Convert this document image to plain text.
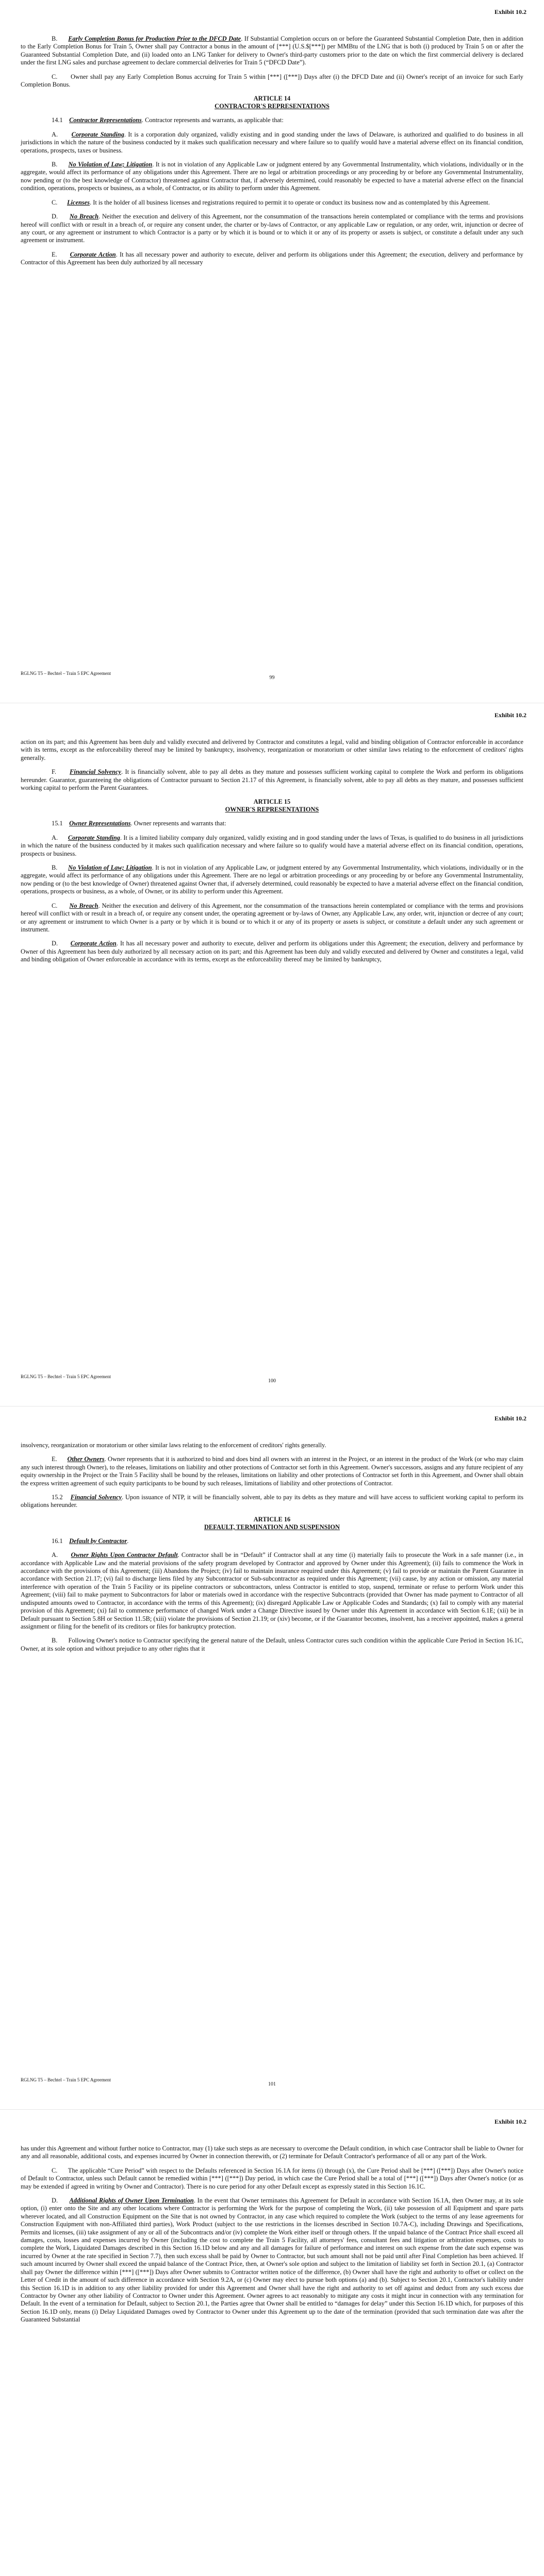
Exhibit 10.2

B.      Early Completion Bonus for Production Prior to the DFCD Date. If Substantial Completion occurs on or before the Guaranteed Substantial Completion Date, then in addition to the Early Completion Bonus for Train 5, Owner shall pay Contractor a bonus in the amount of [***] (U.S.$[***]) per MMBtu of the LNG that is both (i) produced by Train 5 on or after the Guaranteed Substantial Completion Date, and (ii) loaded onto an LNG Tanker for delivery to Owner's third-party customers prior to the date on which the first commercial delivery is declared under the first LNG sales and purchase agreement to declare commercial deliveries for Train 5 (“DFCD Date”).

C.      Owner shall pay any Early Completion Bonus accruing for Train 5 within [***] ([***]) Days after (i) the DFCD Date and (ii) Owner's receipt of an invoice for such Early Completion Bonus.

ARTICLE 14
CONTRACTOR'S REPRESENTATIONS

14.1    Contractor Representations. Contractor represents and warrants, as applicable that:

A.      Corporate Standing. It is a corporation duly organized, validly existing and in good standing under the laws of Delaware, is authorized and qualified to do business in all jurisdictions in which the nature of the business conducted by it makes such qualification necessary and where failure so to qualify would have a material adverse effect on its financial condition, operations, prospects, taxes or business.

B.      No Violation of Law; Litigation. It is not in violation of any Applicable Law or judgment entered by any Governmental Instrumentality, which violations, individually or in the aggregate, would affect its performance of any obligations under this Agreement. There are no legal or arbitration proceedings or any proceeding by or before any Governmental Instrumentality, now pending or (to the best knowledge of Contractor) threatened against Contractor that, if adversely determined, could reasonably be expected to have a material adverse effect on the financial condition, operations, prospects or business, as a whole, of Contractor, or its ability to perform under this Agreement.

C.      Licenses. It is the holder of all business licenses and registrations required to permit it to operate or conduct its business now and as contemplated by this Agreement.

D.      No Breach. Neither the execution and delivery of this Agreement, nor the consummation of the transactions herein contemplated or compliance with the terms and provisions hereof will conflict with or result in a breach of, or require any consent under, the charter or by-laws of Contractor, or any applicable Law or regulation, or any order, writ, injunction or decree of any court, or any agreement or instrument to which Contractor is a party or by which it is bound or to which it or any of its property or assets is subject, or constitute a default under any such agreement or instrument.

E.      Corporate Action. It has all necessary power and authority to execute, deliver and perform its obligations under this Agreement; the execution, delivery and performance by Contractor of this Agreement has been duly authorized by all necessary

RGLNG T5 – Bechtel – Train 5 EPC Agreement
99
Exhibit 10.2

action on its part; and this Agreement has been duly and validly executed and delivered by Contractor and constitutes a legal, valid and binding obligation of Contractor enforceable in accordance with its terms, except as the enforceability thereof may be limited by bankruptcy, insolvency, reorganization or moratorium or other similar laws relating to the enforcement of creditors' rights generally.

F.      Financial Solvency. It is financially solvent, able to pay all debts as they mature and possesses sufficient working capital to complete the Work and perform its obligations hereunder. Guarantor, guaranteeing the obligations of Contractor pursuant to Section 21.17 of this Agreement, is financially solvent, able to pay all debts as they mature, and possesses sufficient working capital to perform the Parent Guarantees.

ARTICLE 15
OWNER'S REPRESENTATIONS

15.1    Owner Representations. Owner represents and warrants that:

A.      Corporate Standing. It is a limited liability company duly organized, validly existing and in good standing under the laws of Texas, is qualified to do business in all jurisdictions in which the nature of the business conducted by it makes such qualification necessary and where failure so to qualify would have a material adverse effect on its financial condition, operations, prospects or business.

B.      No Violation of Law; Litigation. It is not in violation of any Applicable Law, or judgment entered by any Governmental Instrumentality, which violations, individually or in the aggregate, would affect its performance of any obligations under this Agreement. There are no legal or arbitration proceedings or any proceeding by or before any Governmental Instrumentality, now pending or (to the best knowledge of Owner) threatened against Owner that, if adversely determined, could reasonably be expected to have a material adverse effect on the financial condition, operations, prospects or business, as a whole, of Owner, or its ability to perform under this Agreement.

C.      No Breach. Neither the execution and delivery of this Agreement, nor the consummation of the transactions herein contemplated or compliance with the terms and provisions hereof will conflict with or result in a breach of, or require any consent under, the operating agreement or by-laws of Owner, any Applicable Law, any order, writ, injunction or decree of any court; or any agreement or instrument to which Owner is a party or by which it is bound or to which it or any of its property or assets is subject, or constitute a default under any such agreement or instrument.

D.      Corporate Action. It has all necessary power and authority to execute, deliver and perform its obligations under this Agreement; the execution, delivery and performance by Owner of this Agreement has been duly authorized by all necessary action on its part; and this Agreement has been duly and validly executed and delivered by Owner and constitutes a legal, valid and binding obligation of Owner enforceable in accordance with its terms, except as the enforceability thereof may be limited by bankruptcy,

RGLNG T5 – Bechtel – Train 5 EPC Agreement
100
Exhibit 10.2

insolvency, reorganization or moratorium or other similar laws relating to the enforcement of creditors' rights generally.

E.      Other Owners. Owner represents that it is authorized to bind and does bind all owners with an interest in the Project, or an interest in the product of the Work (or who may claim any such interest through Owner), to the releases, limitations on liability and other protections of Contractor set forth in this Agreement. Owner's successors, assigns and any future recipient of any equity ownership in the Project or the Train 5 Facility shall be bound by the releases, limitations on liability and other protections of Contractor set forth in this Agreement, and Owner shall obtain the express written agreement of such equity participants to be bound by such releases, limitations of liability and other protections of Contractor.

15.2    Financial Solvency. Upon issuance of NTP, it will be financially solvent, able to pay its debts as they mature and will have access to sufficient working capital to perform its obligations hereunder.

ARTICLE 16
DEFAULT, TERMINATION AND SUSPENSION

16.1    Default by Contractor.

A.      Owner Rights Upon Contractor Default. Contractor shall be in “Default” if Contractor shall at any time (i) materially fails to prosecute the Work in a safe manner (i.e., in accordance with Applicable Law and the material provisions of the safety program developed by Contractor and approved by Owner under this Agreement); (ii) fails to commence the Work in accordance with the provisions of this Agreement; (iii) Abandons the Project; (iv) fail to maintain insurance required under this Agreement; (v) fail to provide or maintain the Parent Guarantee in accordance with Section 21.17; (vi) fail to discharge liens filed by any Subcontractor or Sub-subcontractor as required under this Agreement; (vii) cause, by any action or omission, any material interference with operation of the Train 5 Facility or its pipeline contractors or subcontractors, unless Contractor is entitled to stop, suspend, terminate or refuse to perform Work under this Agreement; (viii) fail to make payment to Subcontractors for labor or materials owed in accordance with the respective Subcontracts (provided that Owner has made payment to Contractor of all undisputed amounts owed to Contractor, in accordance with the terms of this Agreement); (ix) disregard Applicable Law or Applicable Codes and Standards; (x) fail to comply with any material provision of this Agreement; (xi) fail to commence performance of changed Work under a Change Directive issued by Owner under this Agreement in accordance with Section 6.1E; (xii) be in Default pursuant to Section 5.8H or Section 11.5B; (xiii) violate the provisions of Section 21.19; or (xiv) become, or if the Guarantor becomes, insolvent, has a receiver appointed, makes a general assignment or filing for the benefit of its creditors or files for bankruptcy protection.

B.      Following Owner's notice to Contractor specifying the general nature of the Default, unless Contractor cures such condition within the applicable Cure Period in Section 16.1C, Owner, at its sole option and without prejudice to any other rights that it

RGLNG T5 – Bechtel – Train 5 EPC Agreement
101
Exhibit 10.2

has under this Agreement and without further notice to Contractor, may (1) take such steps as are necessary to overcome the Default condition, in which case Contractor shall be liable to Owner for any and all reasonable, additional costs, and expenses incurred by Owner in connection therewith, or (2) terminate for Default Contractor's performance of all or any part of the Work.

C.      The applicable “Cure Period” with respect to the Defaults referenced in Section 16.1A for items (i) through (x), the Cure Period shall be [***] ([***]) Days after Owner's notice of Default to Contractor, unless such Default cannot be remedied within [***] ([***]) Day period, in which case the Cure Period shall be a total of [***] ([***]) Days after Owner's notice (or as may be extended if agreed in writing by Owner and Contractor). There is no cure period for any other Default except as expressly stated in this Section 16.1C.

D.      Additional Rights of Owner Upon Termination. In the event that Owner terminates this Agreement for Default in accordance with Section 16.1A, then Owner may, at its sole option, (i) enter onto the Site and any other locations where Contractor is performing the Work for the purpose of completing the Work, (ii) take possession of all Equipment and spare parts wherever located, and all Construction Equipment on the Site that is not owned by Contractor, in any case which required to complete the Work (subject to the terms of any lease agreements for Construction Equipment with non-Affiliated third parties), Work Product (subject to the use restrictions in the licenses described in Section 10.7A-C), including Drawings and Specifications, Permits and licenses, (iii) take assignment of any or all of the Subcontracts and/or (iv) complete the Work either itself or through others. If the unpaid balance of the Contract Price shall exceed all damages, costs, losses and expenses incurred by Owner (including the cost to complete the Train 5 Facility, all attorneys' fees, consultant fees and litigation or arbitration expenses, costs to complete the Work, Liquidated Damages described in this Section 16.1D below and any and all damages for failure of performance and interest on such expense from the date such expense was incurred by Owner at the rate specified in Section 7.7), then such excess shall be paid by Owner to Contractor, but such amount shall not be paid until after Final Completion has been achieved. If such amount incurred by Owner shall exceed the unpaid balance of the Contract Price, then, at Owner's sole option and subject to the limitation of liability set forth in Section 20.1, (a) Contractor shall pay Owner the difference within [***] ([***]) Days after Owner submits to Contractor written notice of the difference, (b) Owner shall have the right and authority to offset or collect on the Letter of Credit in the amount of such difference in accordance with Section 9.2A, or (c) Owner may elect to pursue both options (a) and (b). Subject to Section 20.1, Contractor's liability under this Section 16.1D is in addition to any other liability provided for under this Agreement and Owner shall have the right and authority to set off against and deduct from any such excess due Contractor by Owner any other liability of Contractor to Owner under this Agreement. Owner agrees to act reasonably to mitigate any costs it might incur in connection with any termination for Default. In the event of a termination for Default, subject to Section 20.1, the Parties agree that Owner shall be entitled to “damages for delay” under this Section 16.1D which, for purposes of this Section 16.1D only, means (i) Delay Liquidated Damages owed by Contractor to Owner under this Agreement up to the date of the termination (provided that such termination date was after the Guaranteed Substantial
